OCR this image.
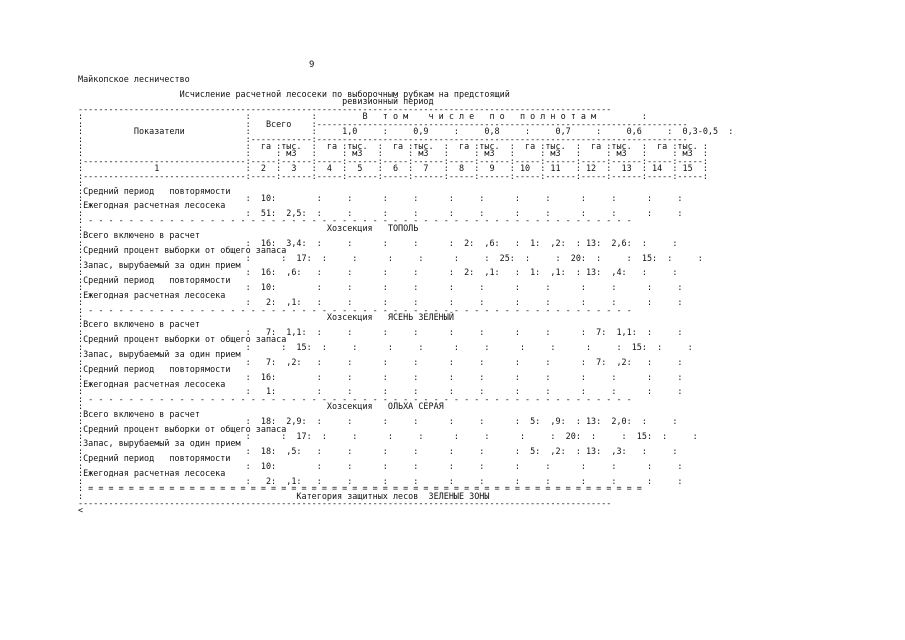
9
Майкопское лесничество
Исчисление расчетной лесосеки по выборочным рубкам на предстоящий
ревизионный период
---------------------------------------------------------------------------------------------------------
:                                :            :         В   т о м    ч и с л е   п о   п о л н о т а м         :
:                                :   Всего    :-------------------------------------------------------------------------
:          Показатели            :            :     1,0     :     0,9     :     0,8     :     0,7     :     0,6     :  0,3-0,5  :
:                                :------------:-------------------------------------------------------------------------
:                                :  га :тыс.  :  га :тыс.  :  га :тыс.  :  га :тыс.  :  га :тыс.  :  га :тыс.  :  га :тыс. :
:                                :     : м3   :     : м3   :     : м3   :     : м3   :     : м3   :     : м3   :     : м3  :
:--------------------------------:-----:------:-----:------:-----:------:-----:------:-----:------:-----:------:-----:-----:
:              1                 :  2  :  3   :  4  :  5   :  6  :  7   :  8  :  9   : 10  : 11   : 12  :  13  : 14  : 15  :
:--------------------------------:-----:------:-----:------:-----:------:-----:------:-----:------:-----:------:-----:-----:
:
:Средний период   повторямости
:                                :  10:        :     :      :     :      :     :      :     :      :     :      :     :
:Ежегодная расчетная лесосека
:                                :  51:  2,5:  :     :      :     :      :     :      :     :      :     :      :     :
: - - - - - - - - - - - - - - - - - - - - - - - - - - - - - - - - - - - - - - - - - - - - - - - - - - - - - -
:                                                Хозсекция   ТОПОЛЬ
:Всего включено в расчет
:                                :  16:  3,4:  :     :      :     :      :  2:  ,6:   :  1:  ,2:  : 13:  2,6:  :     :
:Средний процент выборки от общего запаса
:                                :      :  17:  :     :      :     :      :     :  25:  :     :  20:  :     :  15:  :     :
:Запас, вырубаемый за один прием
:                                :  16:  ,6:   :     :      :     :      :  2:  ,1:   :  1:  ,1:  : 13:  ,4:   :     :
:Средний период   повторямости
:                                :  10:        :     :      :     :      :     :      :     :      :     :      :     :
:Ежегодная расчетная лесосека
:                                :   2:  ,1:   :     :      :     :      :     :      :     :      :     :      :     :
: - - - - - - - - - - - - - - - - - - - - - - - - - - - - - - - - - - - - - - - - - - - - - - - - - - - - - -
:                                                Хозсекция   ЯСЕНЬ ЗЕЛЕНЫЙ
:Всего включено в расчет
:                                :   7:  1,1:  :     :      :     :      :     :      :     :      :  7:  1,1:  :     :
:Средний процент выборки от общего запаса
:                                :      :  15:  :     :      :     :      :     :      :     :      :     :  15:  :     :
:Запас, вырубаемый за один прием
:                                :   7:  ,2:   :     :      :     :      :     :      :     :      :  7:  ,2:   :     :
:Средний период   повторямости
:                                :  16:        :     :      :     :      :     :      :     :      :     :      :     :
:Ежегодная расчетная лесосека
:                                :   1:        :     :      :     :      :     :      :     :      :     :      :     :
: - - - - - - - - - - - - - - - - - - - - - - - - - - - - - - - - - - - - - - - - - - - - - - - - - - - - - -
:                                                Хозсекция   ОЛЬХА СЕРАЯ
:Всего включено в расчет
:                                :  18:  2,9:  :     :      :     :      :     :      :  5:  ,9:  : 13:  2,0:  :     :
:Средний процент выборки от общего запаса
:                                :      :  17:  :     :      :     :      :     :      :     :  20:  :     :  15:  :     :
:Запас, вырубаемый за один прием
:                                :  18:  ,5:   :     :      :     :      :     :      :  5:  ,2:  : 13:  ,3:   :     :
:Средний период   повторямости
:                                :  10:        :     :      :     :      :     :      :     :      :     :      :     :
:Ежегодная расчетная лесосека
:                                :   2:  ,1:   :     :      :     :      :     :      :     :      :     :      :     :
: = = = = = = = = = = = = = = = = = = = = = = = = = = = = = = = = = = = = = = = = = = = = = = = = = = = = = = =
:                                          Категория защитных лесов  ЗЕЛЕНЫЕ ЗОНЫ
---------------------------------------------------------------------------------------------------------
<
